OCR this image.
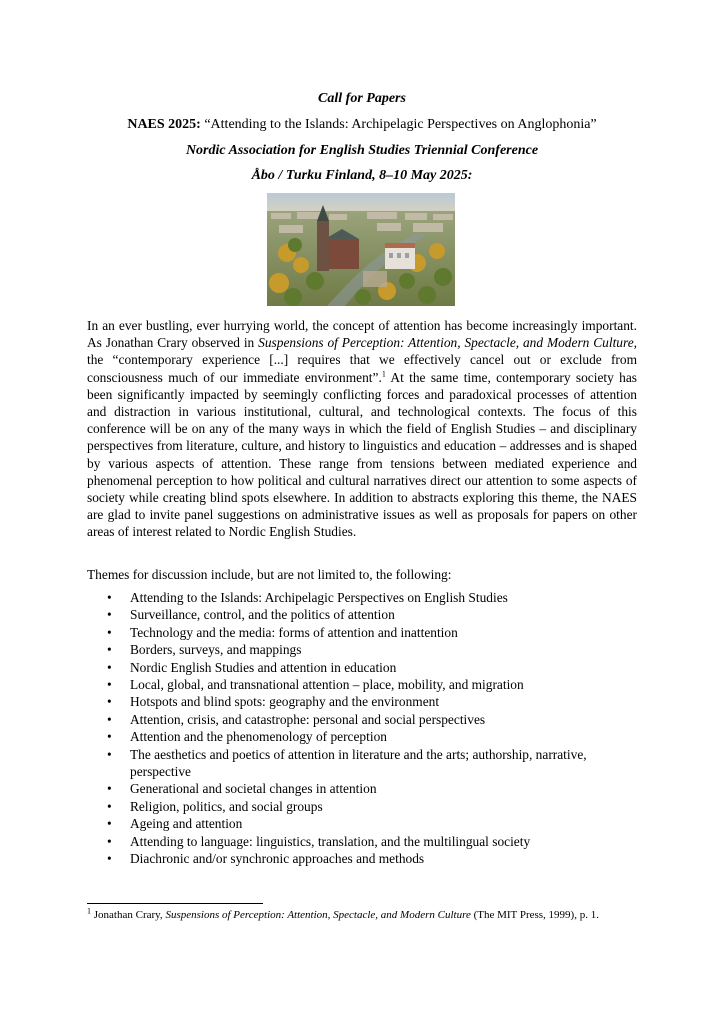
Call for Papers
NAES 2025: “Attending to the Islands: Archipelagic Perspectives on Anglophonia”
Nordic Association for English Studies Triennial Conference
Åbo / Turku Finland, 8–10 May 2025:
In an ever bustling, ever hurrying world, the concept of attention has become increasingly important. As Jonathan Crary observed in Suspensions of Perception: Attention, Spectacle, and Modern Culture, the “contemporary experience [...] requires that we effectively cancel out or exclude from consciousness much of our immediate environment”.$^1$ At the same time, contemporary society has been significantly impacted by seemingly conflicting forces and paradoxical processes of attention and distraction in various institutional, cultural, and technological contexts. The focus of this conference will be on any of the many ways in which the field of English Studies – and disciplinary perspectives from literature, culture, and history to linguistics and education – addresses and is shaped by various aspects of attention. These range from tensions between mediated experience and phenomenal perception to how political and cultural narratives direct our attention to some aspects of society while creating blind spots elsewhere. In addition to abstracts exploring this theme, the NAES are glad to invite panel suggestions on administrative issues as well as proposals for papers on other areas of interest related to Nordic English Studies.
Themes for discussion include, but are not limited to, the following:
• Attending to the Islands: Archipelagic Perspectives on English Studies
• Surveillance, control, and the politics of attention
• Technology and the media: forms of attention and inattention
• Borders, surveys, and mappings
• Nordic English Studies and attention in education
• Local, global, and transnational attention – place, mobility, and migration
• Hotspots and blind spots: geography and the environment
• Attention, crisis, and catastrophe: personal and social perspectives
• Attention and the phenomenology of perception
• The aesthetics and poetics of attention in literature and the arts; authorship, narrative, perspective
• Generational and societal changes in attention
• Religion, politics, and social groups
• Ageing and attention
• Attending to language: linguistics, translation, and the multilingual society
• Diachronic and/or synchronic approaches and methods
$^1$ Jonathan Crary, Suspensions of Perception: Attention, Spectacle, and Modern Culture (The MIT Press, 1999), p. 1.
